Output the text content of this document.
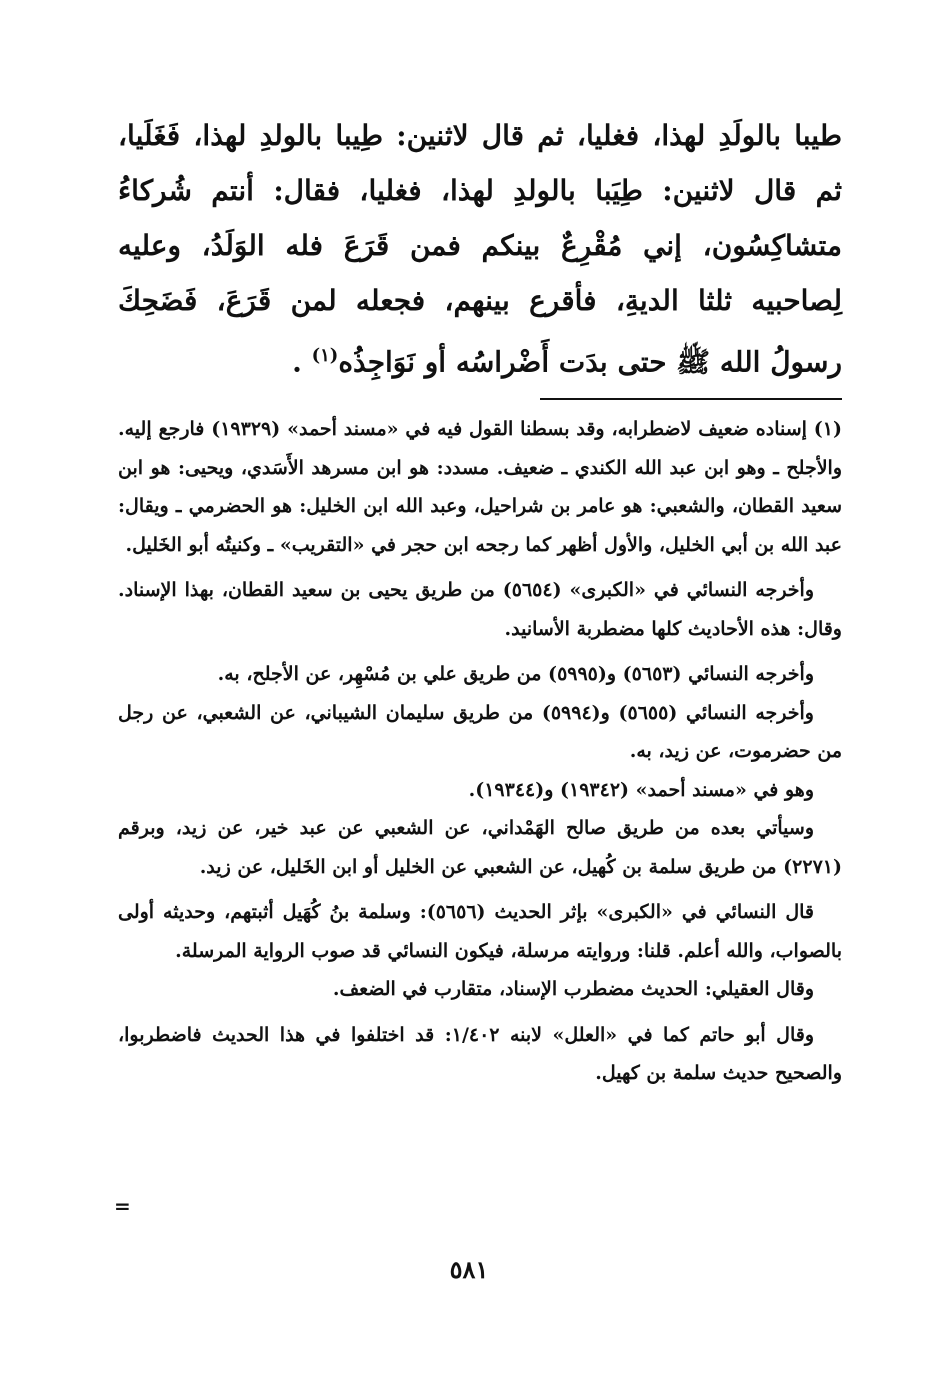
طيبا بالولَدِ لهذا، فغليا، ثم قال لاثنين: طِيبا بالولدِ لهذا، فَغَلَيا، ثم قال لاثنين: طِيَبا بالولدِ لهذا، فغليا، فقال: أنتم شُركاءُ متشاكِسُون، إني مُقْرِعٌ بينكم فمن قَرَعَ فله الوَلَدُ، وعليه لِصاحبيه ثلثا الديةِ، فأقرع بينهم، فجعله لمن قَرَعَ، فَضَحِكَ رسولُ الله ﷺ حتى بدَت أَضْراسُه أو نَوَاجِذُه$^{(١)}$ .

(١) إسناده ضعيف لاضطرابه، وقد بسطنا القول فيه في «مسند أحمد» (١٩٣٢٩) فارجع إليه. والأجلح ـ وهو ابن عبد الله الكندي ـ ضعيف. مسدد: هو ابن مسرهد الأَسَدي، ويحيى: هو ابن سعيد القطان، والشعبي: هو عامر بن شراحيل، وعبد الله ابن الخليل: هو الحضرمي ـ ويقال: عبد الله بن أبي الخليل، والأول أظهر كما رجحه ابن حجر في «التقريب» ـ وكنيتُه أبو الخَليل.

وأخرجه النسائي في «الكبرى» (٥٦٥٤) من طريق يحيى بن سعيد القطان، بهذا الإسناد. وقال: هذه الأحاديث كلها مضطربة الأسانيد.

وأخرجه النسائي (٥٦٥٣) و(٥٩٩٥) من طريق علي بن مُسْهِر، عن الأجلح، به.

وأخرجه النسائي (٥٦٥٥) و(٥٩٩٤) من طريق سليمان الشيباني، عن الشعبي، عن رجل من حضرموت، عن زيد، به.

وهو في «مسند أحمد» (١٩٣٤٢) و(١٩٣٤٤).

وسيأتي بعده من طريق صالح الهَمْداني، عن الشعبي عن عبد خير، عن زيد، وبرقم (٢٢٧١) من طريق سلمة بن كُهيل، عن الشعبي عن الخليل أو ابن الخَليل، عن زيد.

قال النسائي في «الكبرى» بإثر الحديث (٥٦٥٦): وسلمة بنُ كُهَيل أثبتهم، وحديثه أولى بالصواب، والله أعلم. قلنا: وروايته مرسلة، فيكون النسائي قد صوب الرواية المرسلة.

وقال العقيلي: الحديث مضطرب الإسناد، متقارب في الضعف.

وقال أبو حاتم كما في «العلل» لابنه ١/٤٠٢: قد اختلفوا في هذا الحديث فاضطربوا، والصحيح حديث سلمة بن كهيل.

=
٥٨١
